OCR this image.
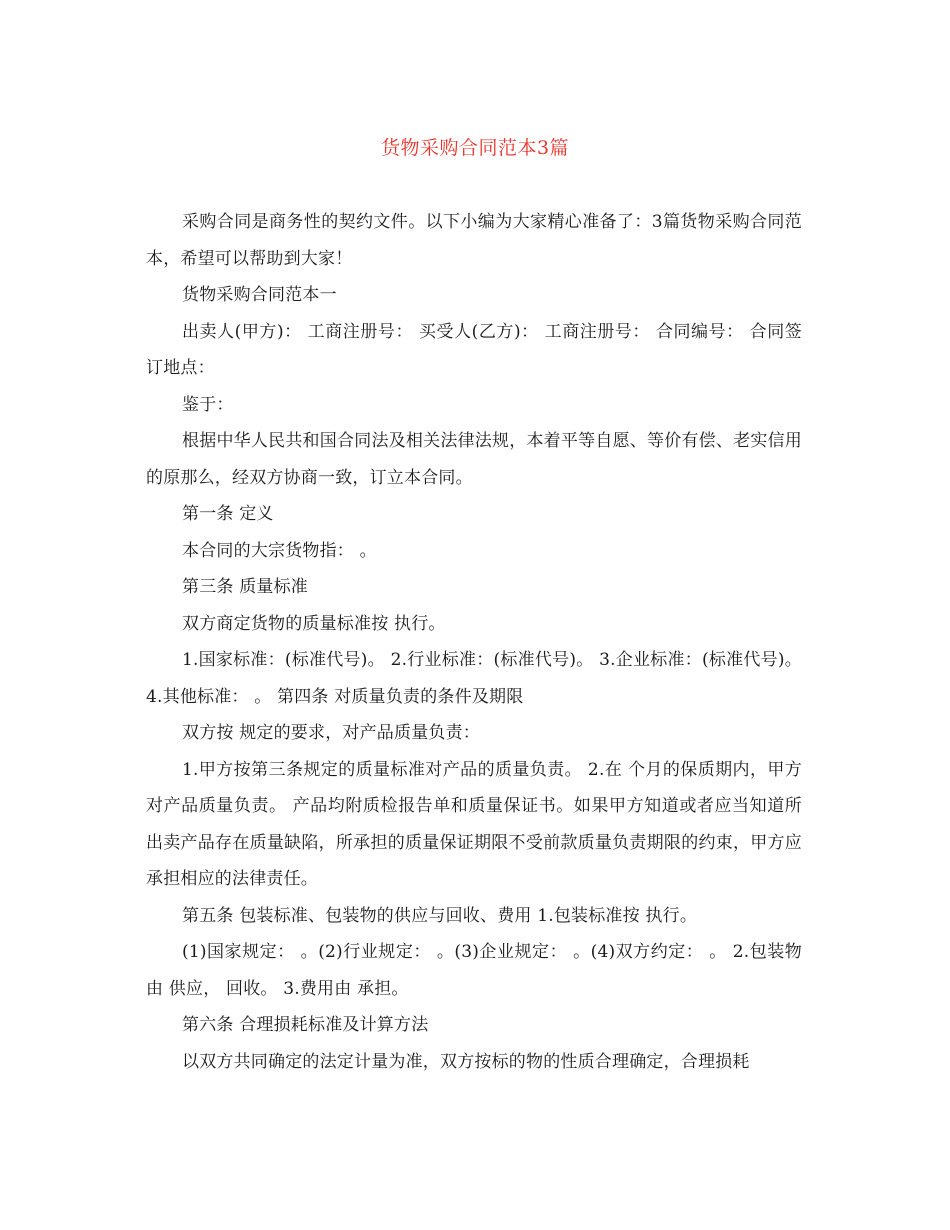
货物采购合同范本3篇

采购合同是商务性的契约文件。以下小编为大家精心准备了：3篇货物采购合同范本，希望可以帮助到大家！

货物采购合同范本一

出卖人(甲方)： 工商注册号： 买受人(乙方)： 工商注册号： 合同编号： 合同签订地点：

鉴于：

根据中华人民共和国合同法及相关法律法规，本着平等自愿、等价有偿、老实信用的原那么，经双方协商一致，订立本合同。

第一条 定义

本合同的大宗货物指： 。

第三条 质量标准

双方商定货物的质量标准按 执行。

1.国家标准：(标准代号)。 2.行业标准：(标准代号)。 3.企业标准：(标准代号)。 4.其他标准： 。 第四条 对质量负责的条件及期限

双方按 规定的要求，对产品质量负责：

1.甲方按第三条规定的质量标准对产品的质量负责。 2.在 个月的保质期内，甲方对产品质量负责。 产品均附质检报告单和质量保证书。如果甲方知道或者应当知道所出卖产品存在质量缺陷，所承担的质量保证期限不受前款质量负责期限的约束，甲方应承担相应的法律责任。

第五条 包装标准、包装物的供应与回收、费用 1.包装标准按 执行。

(1)国家规定： 。(2)行业规定： 。(3)企业规定： 。(4)双方约定： 。 2.包装物由 供应， 回收。 3.费用由 承担。

第六条 合理损耗标准及计算方法

以双方共同确定的法定计量为准，双方按标的物的性质合理确定，合理损耗
